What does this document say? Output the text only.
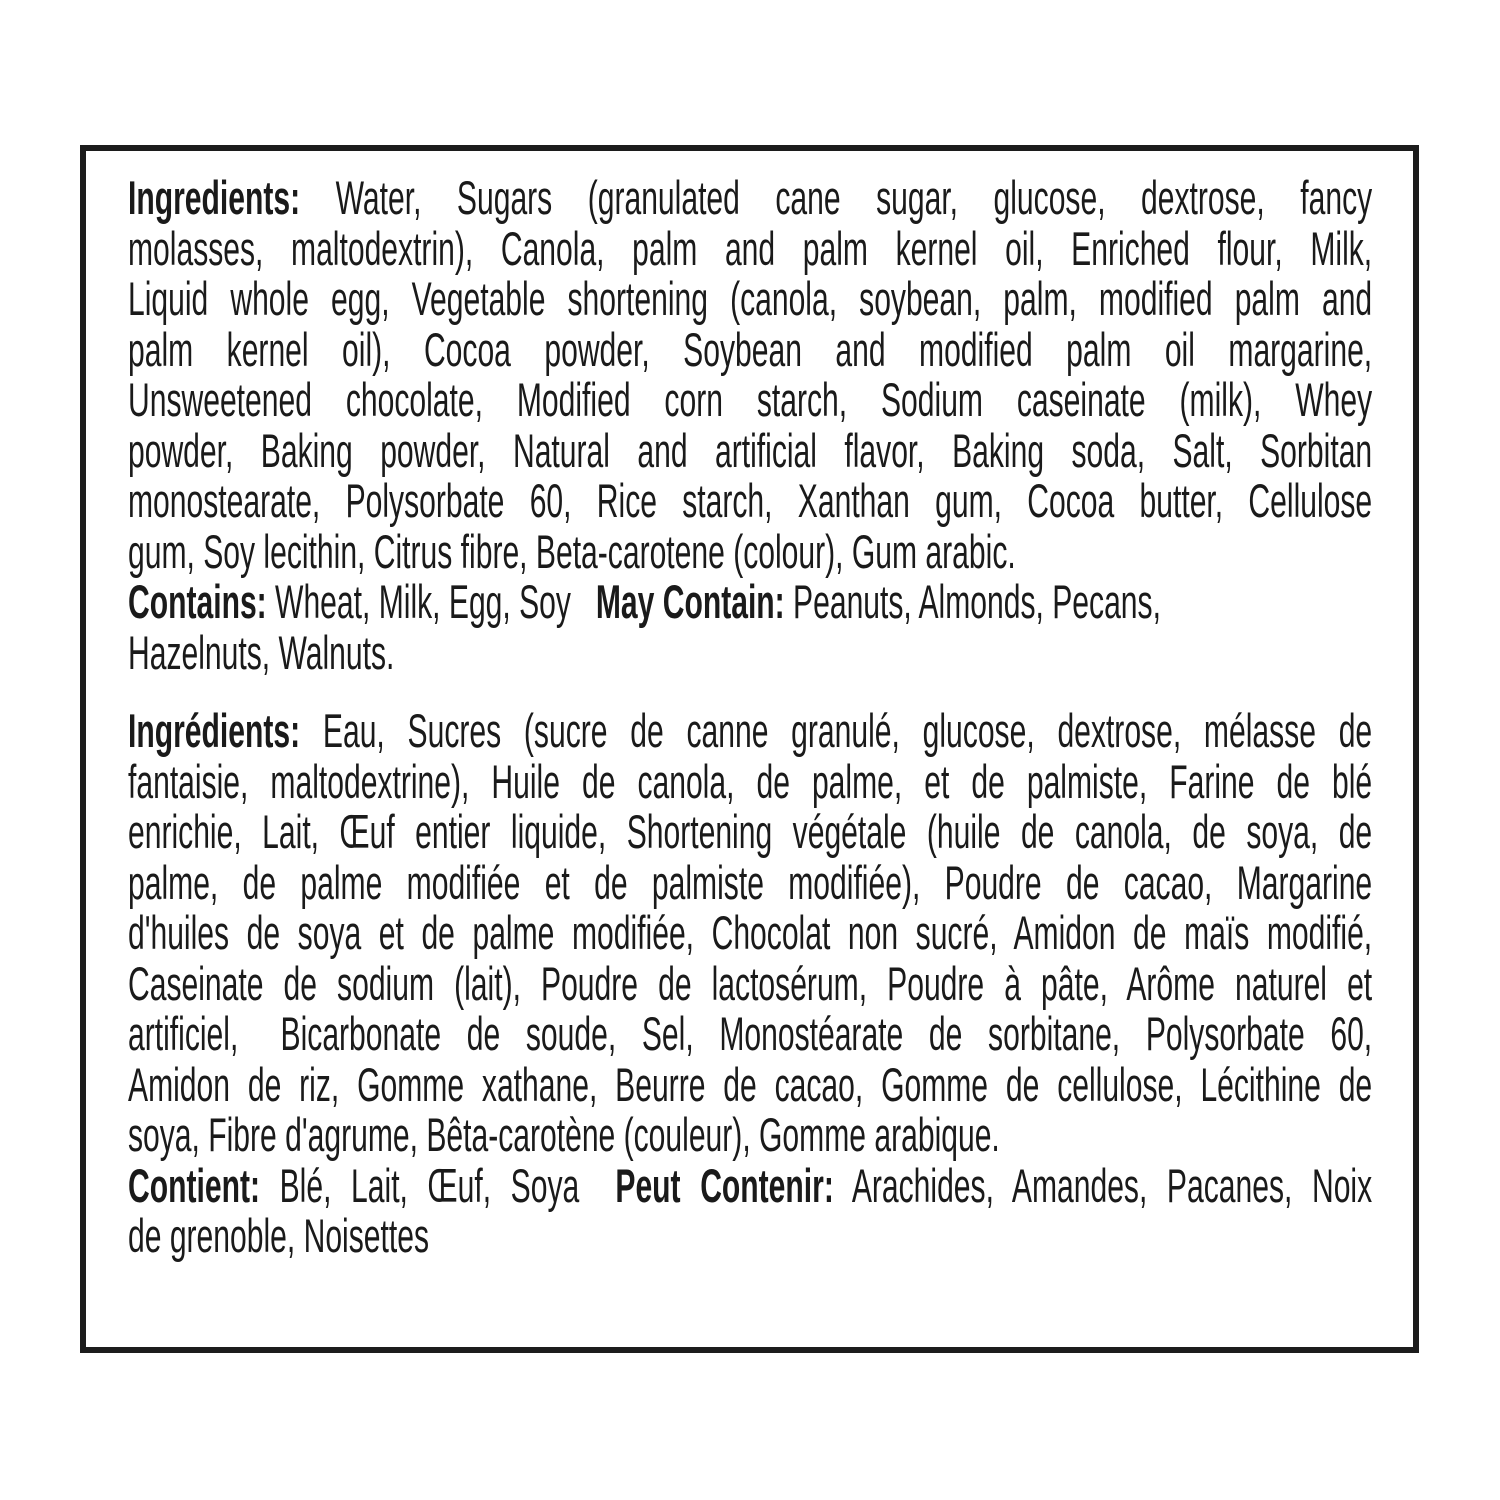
Ingredients: Water, Sugars (granulated cane sugar, glucose, dextrose, fancy
molasses, maltodextrin), Canola, palm and palm kernel oil, Enriched flour, Milk,
Liquid whole egg, Vegetable shortening (canola, soybean, palm, modified palm and
palm kernel oil), Cocoa powder, Soybean and modified palm oil margarine,
Unsweetened chocolate, Modified corn starch, Sodium caseinate (milk), Whey
powder, Baking powder, Natural and artificial flavor, Baking soda, Salt, Sorbitan
monostearate, Polysorbate 60, Rice starch, Xanthan gum, Cocoa butter, Cellulose
gum, Soy lecithin, Citrus fibre, Beta-carotene (colour), Gum arabic.
Contains: Wheat, Milk, Egg, Soy May Contain: Peanuts, Almonds, Pecans,
Hazelnuts, Walnuts.
Ingrédients: Eau, Sucres (sucre de canne granulé, glucose, dextrose, mélasse de
fantaisie, maltodextrine), Huile de canola, de palme, et de palmiste, Farine de blé
enrichie, Lait, Œuf entier liquide, Shortening végétale (huile de canola, de soya, de
palme, de palme modifiée et de palmiste modifiée), Poudre de cacao, Margarine
d'huiles de soya et de palme modifiée, Chocolat non sucré, Amidon de maïs modifié,
Caseinate de sodium (lait), Poudre de lactosérum, Poudre à pâte, Arôme naturel et
artificiel, Bicarbonate de soude, Sel, Monostéarate de sorbitane, Polysorbate 60,
Amidon de riz, Gomme xathane, Beurre de cacao, Gomme de cellulose, Lécithine de
soya, Fibre d'agrume, Bêta-carotène (couleur), Gomme arabique.
Contient: Blé, Lait, Œuf, Soya Peut Contenir: Arachides, Amandes, Pacanes, Noix
de grenoble, Noisettes
